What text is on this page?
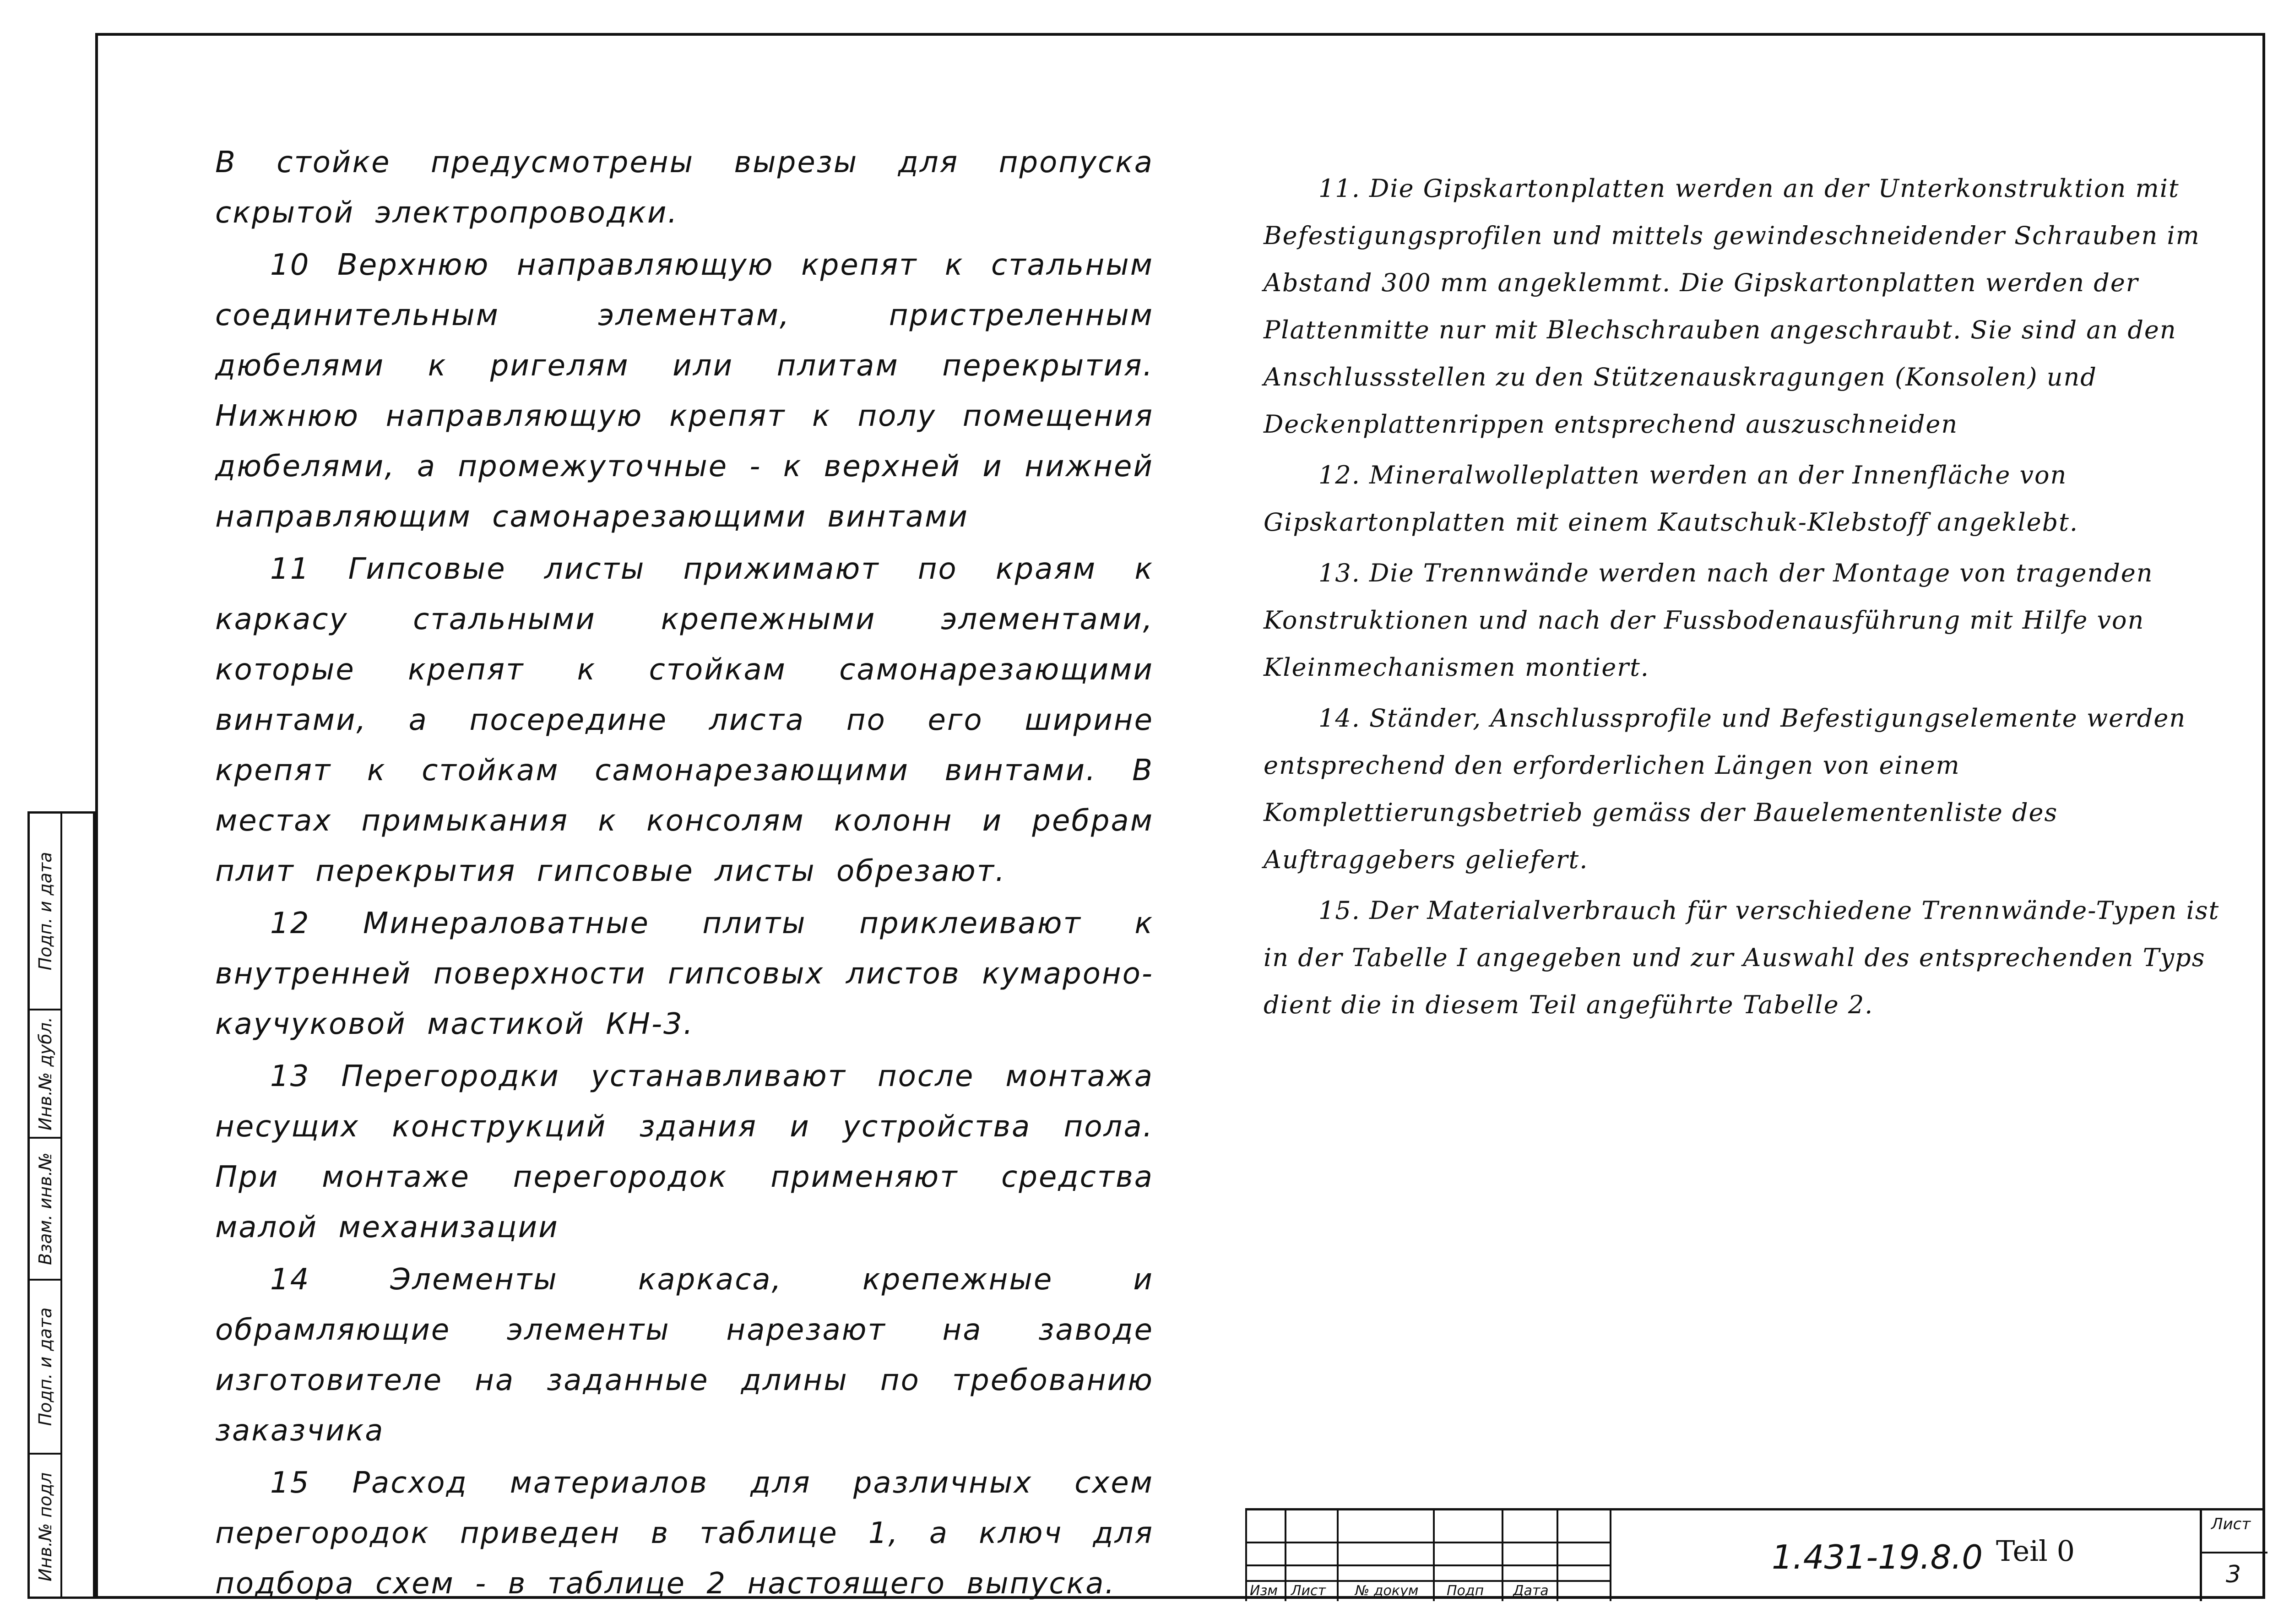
В стойке предусмотрены вырезы для пропуска скрытой электропроводки.

10 Верхнюю направляющую крепят к стальным соединительным элементам, пристреленным дюбелями к ригелям или плитам перекрытия. Нижнюю направляющую крепят к полу помещения дюбелями, а промежуточные - к верхней и нижней направляющим самонарезающими винтами

11 Гипсовые листы прижимают по краям к каркасу стальными крепежными элементами, которые крепят к стойкам самонарезающими винтами, а посередине листа по его ширине крепят к стойкам самонарезающими винтами. В местах примыкания к консолям колонн и ребрам плит перекрытия гипсовые листы обрезают.

12 Минераловатные плиты приклеивают к внутренней поверхности гипсовых листов кумароно-каучуковой мастикой КН-3.

13 Перегородки устанавливают после монтажа несущих конструкций здания и устройства пола. При монтаже перегородок применяют средства малой механизации

14 Элементы каркаса, крепежные и обрамляющие элементы нарезают на заводе изготовителе на заданные длины по требованию заказчика

15 Расход материалов для различных схем перегородок приведен в таблице 1, а ключ для подбора схем - в таблице 2 настоящего выпуска.

11. Die Gipskartonplatten werden an der Unterkonstruktion mit Befestigungsprofilen und mittels gewindeschneidender Schrauben im Abstand 300 mm angeklemmt. Die Gipskartonplatten werden der Plattenmitte nur mit Blechschrauben angeschraubt. Sie sind an den Anschlussstellen zu den Stützenauskragungen (Konsolen) und Deckenplattenrippen entsprechend auszuschneiden

12. Mineralwolleplatten werden an der Innenfläche von Gipskartonplatten mit einem Kautschuk-Klebstoff angeklebt.

13. Die Trennwände werden nach der Montage von tragenden Konstruktionen und nach der Fussbodenausführung mit Hilfe von Kleinmechanismen montiert.

14. Ständer, Anschlussprofile und Befestigungselemente werden entsprechend den erforderlichen Längen von einem Komplettierungsbetrieb gemäss der Bauelementenliste des Auftraggebers geliefert.

15. Der Materialverbrauch für verschiedene Trennwände-Typen ist in der Tabelle I angegeben und zur Auswahl des entsprechenden Typs dient die in diesem Teil angeführte Tabelle 2.

Подп. и дата
Инв.№ дубл.
Взам. инв.№
Подп. и дата
Инв.№ подл
Изм Лист № докум Подп Дата
1.431-19.8.0 Teil 0
Лист
3
